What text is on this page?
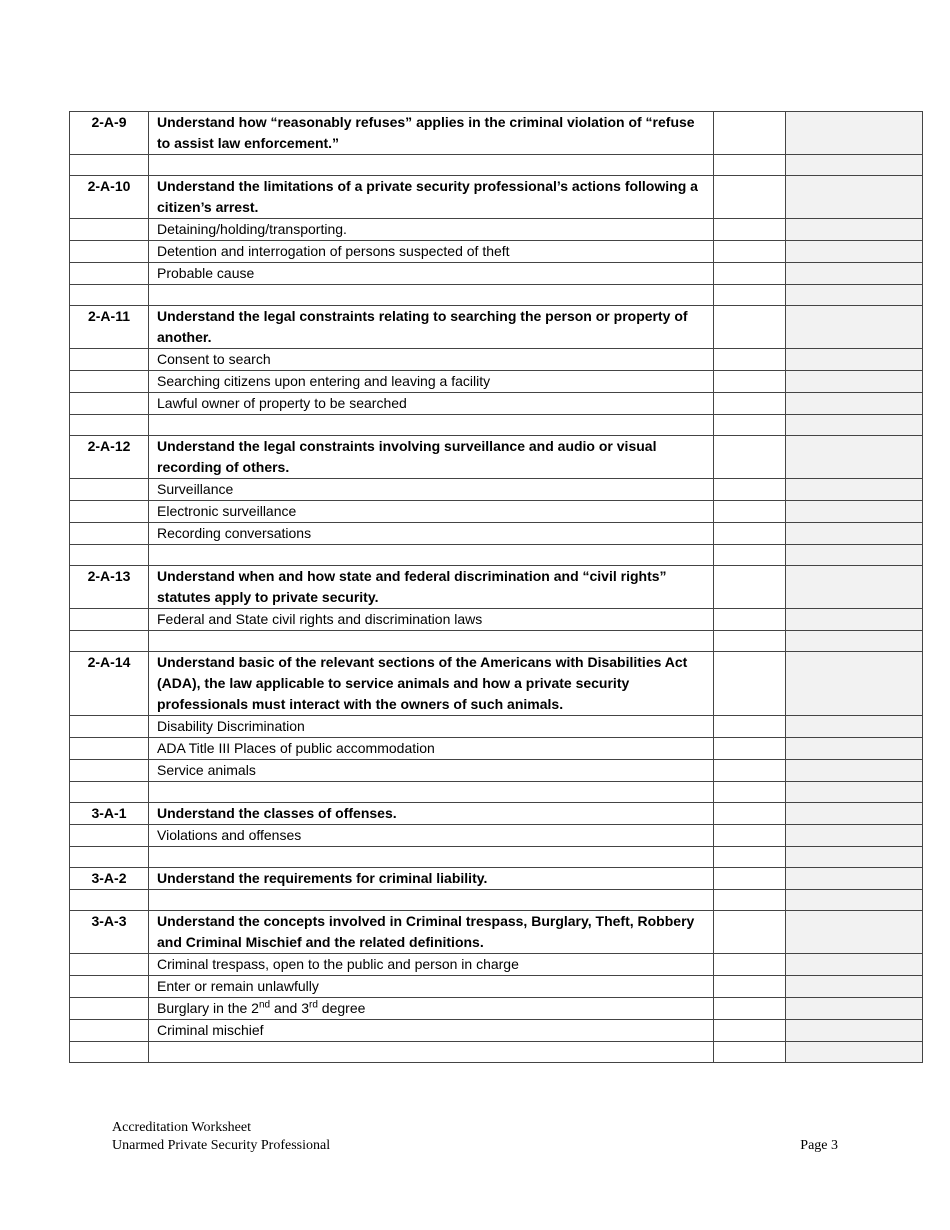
2-A-9	Understand how “reasonably refuses” applies in the criminal violation of “refuse to assist law enforcement.”		

2-A-10	Understand the limitations of a private security professional’s actions following a citizen’s arrest.		
	Detaining/holding/transporting.		
	Detention and interrogation of persons suspected of theft		
	Probable cause		

2-A-11	Understand the legal constraints relating to searching the person or property of another.		
	Consent to search		
	Searching citizens upon entering and leaving a facility		
	Lawful owner of property to be searched		

2-A-12	Understand the legal constraints involving surveillance and audio or visual recording of others.		
	Surveillance		
	Electronic surveillance		
	Recording conversations		

2-A-13	Understand when and how state and federal discrimination and “civil rights” statutes apply to private security.		
	Federal and State civil rights and discrimination laws		

2-A-14	Understand basic of the relevant sections of the Americans with Disabilities Act (ADA), the law applicable to service animals and how a private security professionals must interact with the owners of such animals.		
	Disability Discrimination		
	ADA Title III Places of public accommodation		
	Service animals		

3-A-1	Understand the classes of offenses.		
	Violations and offenses		

3-A-2	Understand the requirements for criminal liability.		

3-A-3	Understand the concepts involved in Criminal trespass, Burglary, Theft, Robbery and Criminal Mischief and the related definitions.		
	Criminal trespass, open to the public and person in charge		
	Enter or remain unlawfully		
	Burglary in the 2nd and 3rd degree		
	Criminal mischief		

Accreditation Worksheet
Unarmed Private Security Professional	Page 3
